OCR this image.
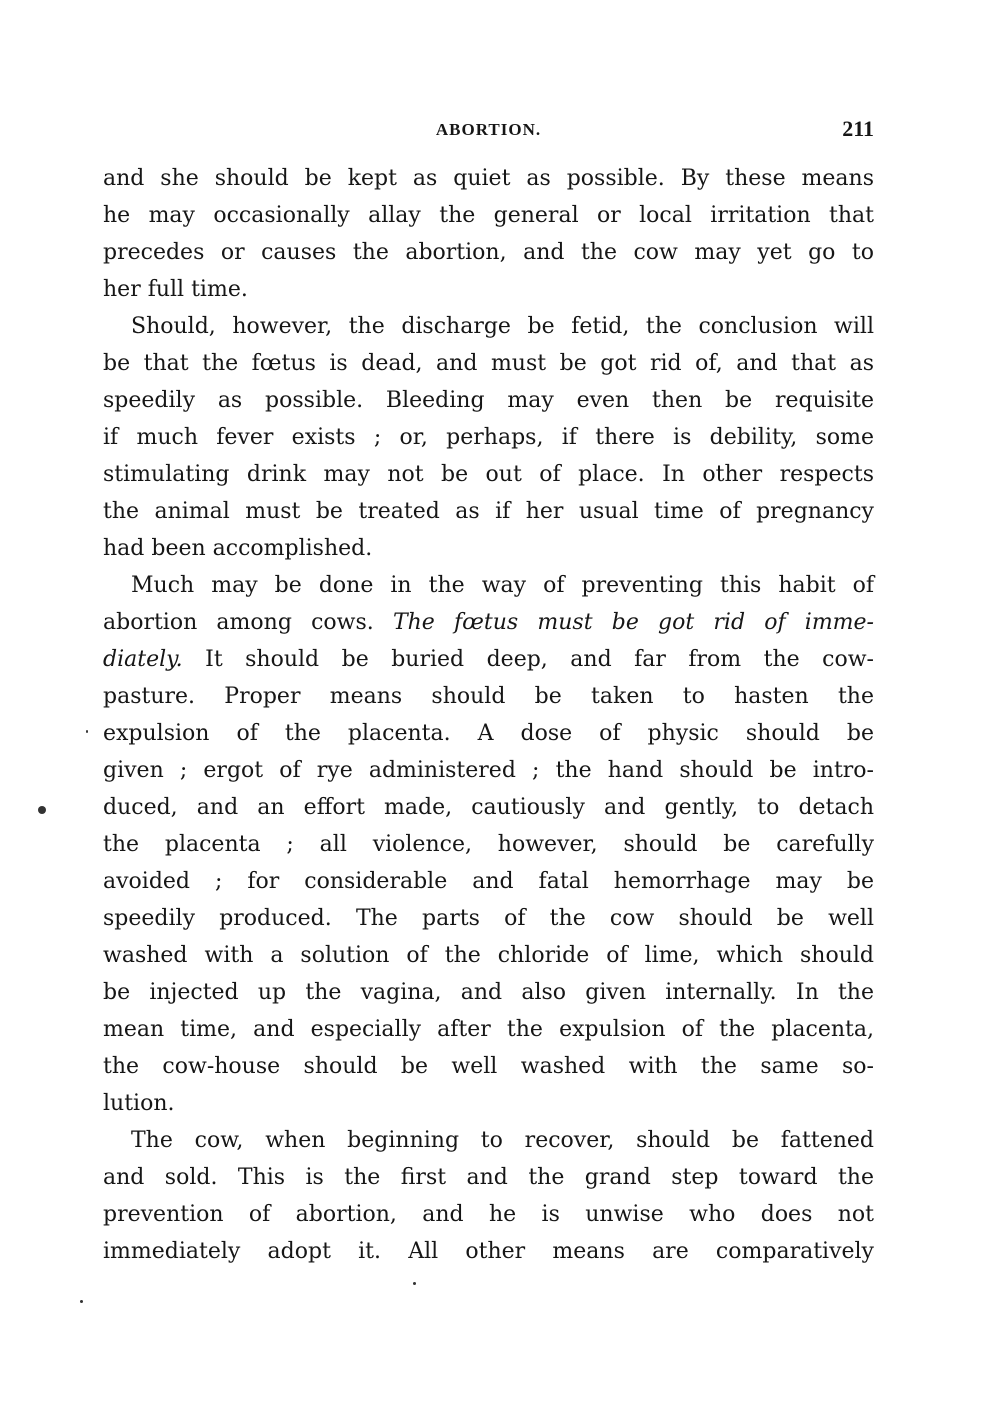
ABORTION.	211
and she should be kept as quiet as possible. By these means
he may occasionally allay the general or local irritation that
precedes or causes the abortion, and the cow may yet go to
her full time.
Should, however, the discharge be fetid, the conclusion will
be that the fœtus is dead, and must be got rid of, and that as
speedily as possible. Bleeding may even then be requisite
if much fever exists ; or, perhaps, if there is debility, some
stimulating drink may not be out of place. In other respects
the animal must be treated as if her usual time of pregnancy
had been accomplished.
Much may be done in the way of preventing this habit of
abortion among cows. The fœtus must be got rid of imme-
diately. It should be buried deep, and far from the cow-
pasture. Proper means should be taken to hasten the
expulsion of the placenta. A dose of physic should be
given ; ergot of rye administered ; the hand should be intro-
duced, and an effort made, cautiously and gently, to detach
the placenta ; all violence, however, should be carefully
avoided ; for considerable and fatal hemorrhage may be
speedily produced. The parts of the cow should be well
washed with a solution of the chloride of lime, which should
be injected up the vagina, and also given internally. In the
mean time, and especially after the expulsion of the placenta,
the cow-house should be well washed with the same so-
lution.
The cow, when beginning to recover, should be fattened
and sold. This is the first and the grand step toward the
prevention of abortion, and he is unwise who does not
immediately adopt it. All other means are comparatively
